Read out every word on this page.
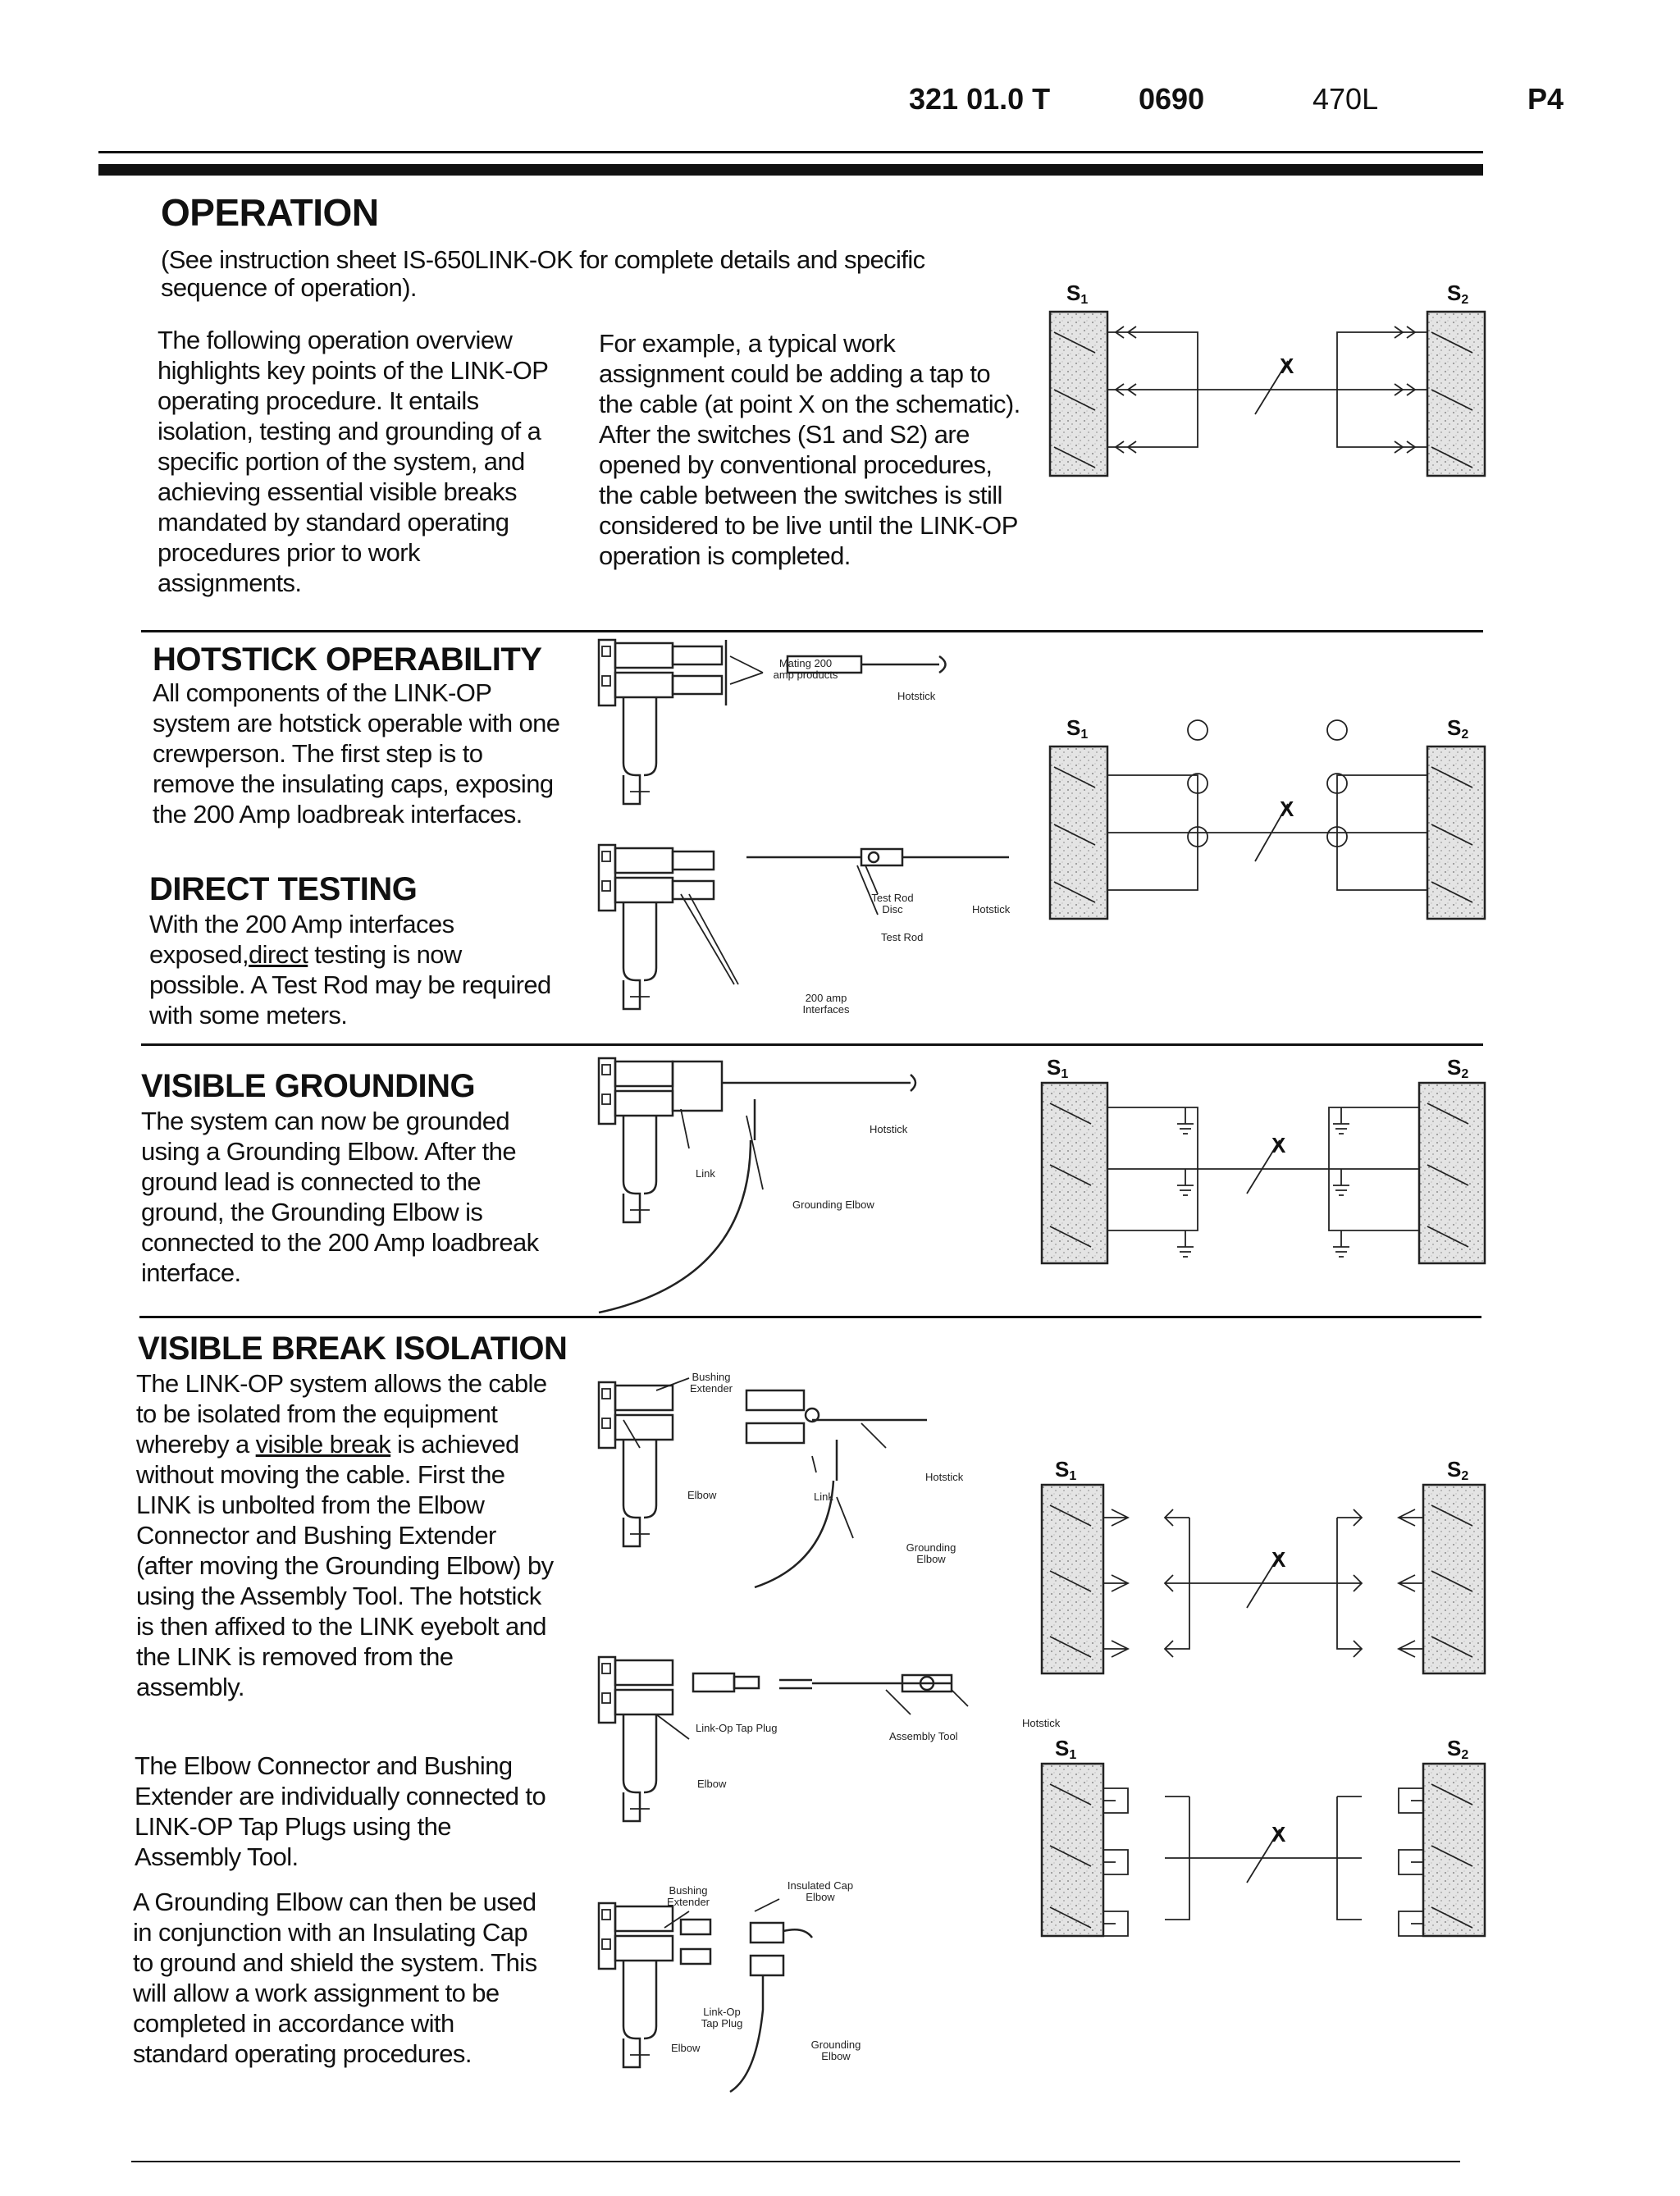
321 01.0 T	0690	470L	P4
OPERATION

(See instruction sheet IS-650LINK-OK for complete details and specific sequence of operation).

The following operation overview highlights key points of the LINK-OP operating procedure. It entails isolation, testing and grounding of a specific portion of the system, and achieving essential visible breaks mandated by standard operating procedures prior to work assignments.

For example, a typical work assignment could be adding a tap to the cable (at point X on the schematic). After the switches (S1 and S2) are opened by conventional procedures, the cable between the switches is still considered to be live until the LINK-OP operation is completed.

HOTSTICK OPERABILITY

All components of the LINK-OP system are hotstick operable with one crewperson. The first step is to remove the insulating caps, exposing the 200 Amp loadbreak interfaces.

DIRECT TESTING

With the 200 Amp interfaces exposed,direct testing is now possible. A Test Rod may be required with some meters.

VISIBLE GROUNDING

The system can now be grounded using a Grounding Elbow. After the ground lead is connected to the ground, the Grounding Elbow is connected to the 200 Amp loadbreak interface.

VISIBLE BREAK ISOLATION

The LINK-OP system allows the cable to be isolated from the equipment whereby a visible break is achieved without moving the cable. First the LINK is unbolted from the Elbow Connector and Bushing Extender (after moving the Grounding Elbow) by using the Assembly Tool. The hotstick is then affixed to the LINK eyebolt and the LINK is removed from the assembly.

The Elbow Connector and Bushing Extender are individually connected to LINK-OP Tap Plugs using the Assembly Tool.

A Grounding Elbow can then be used in conjunction with an Insulating Cap to ground and shield the system. This will allow a work assignment to be completed in accordance with standard operating procedures.

Mating 200 amp products
Hotstick
Test Rod Disc	Hotstick
Test Rod
200 amp Interfaces
Hotstick
Link
Grounding Elbow
Bushing Extender
Hotstick
Elbow	Link
Grounding Elbow
Link-Op Tap Plug
Assembly Tool
Hotstick
Elbow
Bushing Extender
Insulated Cap Elbow
Link-Op Tap Plug
Elbow	Grounding Elbow
S1	S2
X
S1	S2
X
S1	S2
X
S1	S2
X
S1	S2
X
